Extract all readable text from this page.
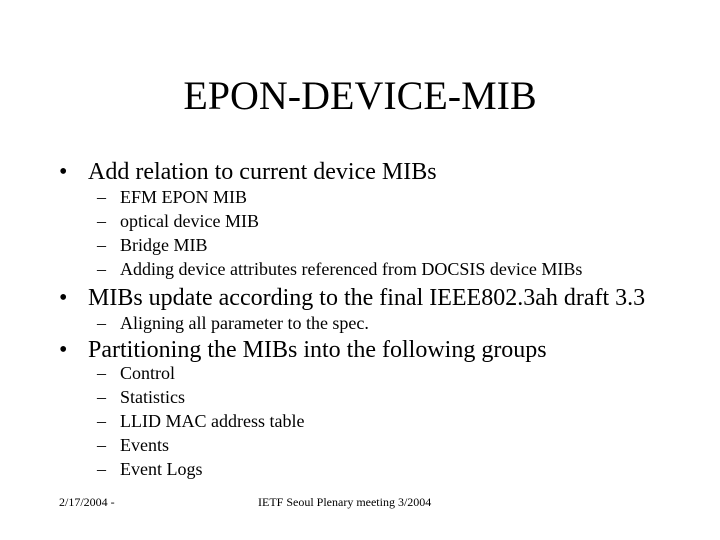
EPON-DEVICE-MIB
• Add relation to current device MIBs
– EFM EPON MIB
– optical device MIB
– Bridge MIB
– Adding device attributes referenced from DOCSIS device MIBs
• MIBs update according to the final IEEE802.3ah draft 3.3
– Aligning all parameter to the spec.
• Partitioning the MIBs into the following groups
– Control
– Statistics
– LLID MAC address table
– Events
– Event Logs
2/17/2004 -	IETF Seoul Plenary meeting 3/2004
